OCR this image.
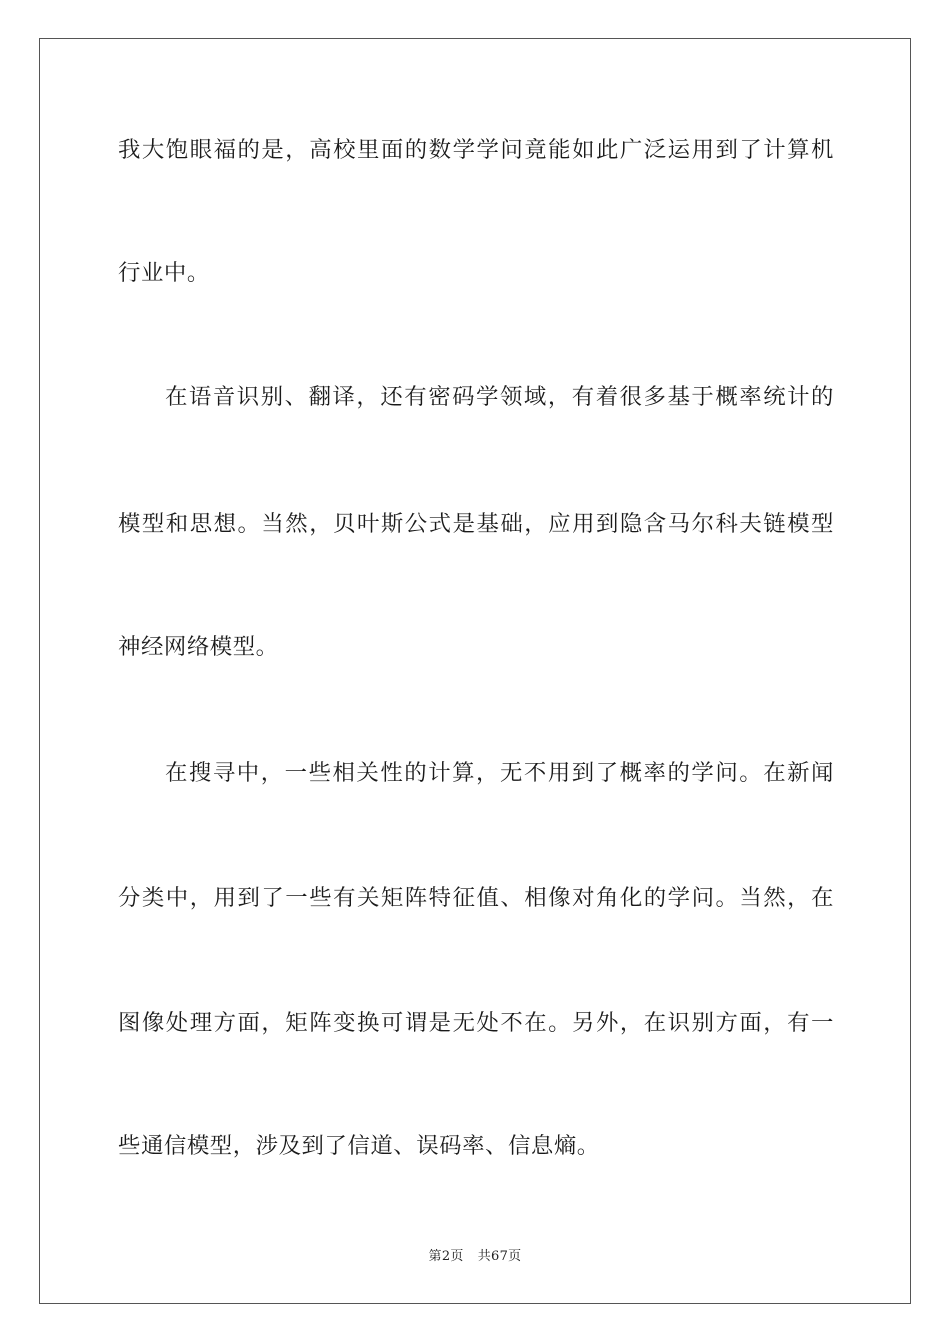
我大饱眼福的是，高校里面的数学学问竟能如此广泛运用到了计算机
行业中。
在语音识别、翻译，还有密码学领域，有着很多基于概率统计的
模型和思想。当然，贝叶斯公式是基础，应用到隐含马尔科夫链模型
神经网络模型。
在搜寻中，一些相关性的计算，无不用到了概率的学问。在新闻
分类中，用到了一些有关矩阵特征值、相像对角化的学问。当然，在
图像处理方面，矩阵变换可谓是无处不在。另外，在识别方面，有一
些通信模型，涉及到了信道、误码率、信息熵。
第2页 共67页
